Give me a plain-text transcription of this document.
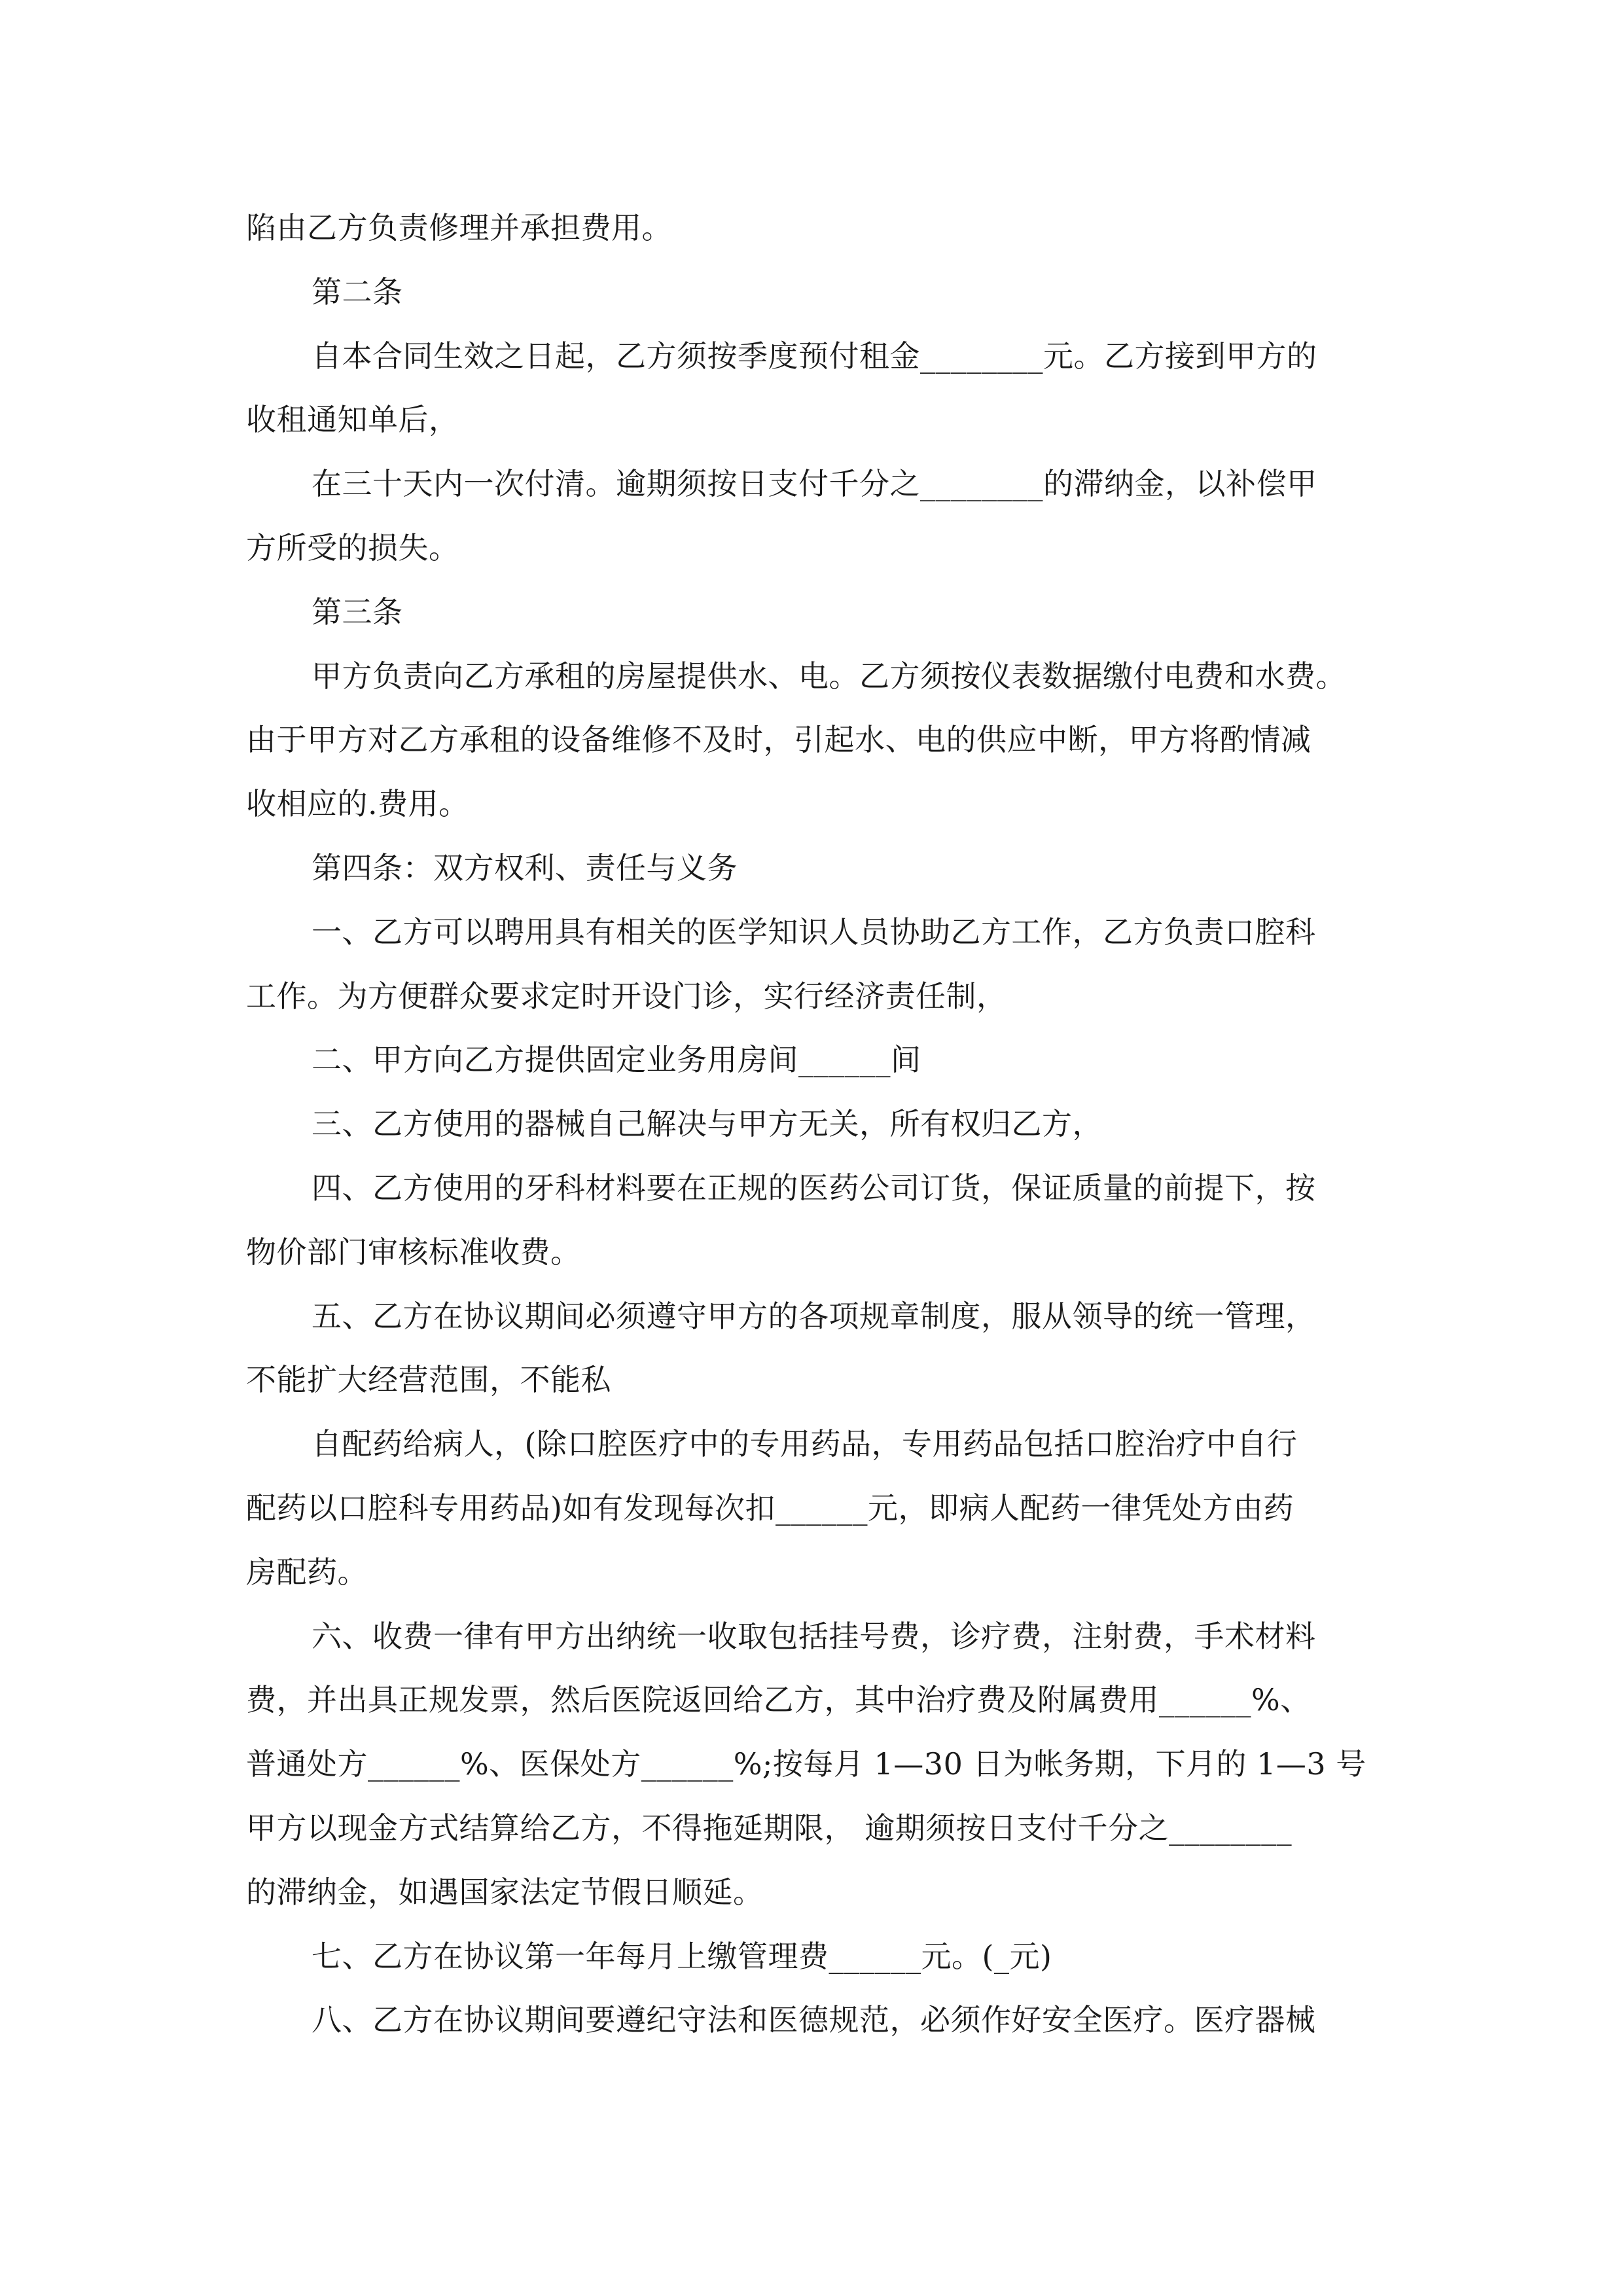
陷由乙方负责修理并承担费用。
第二条
自本合同生效之日起，乙方须按季度预付租金________元。乙方接到甲方的
收租通知单后，
在三十天内一次付清。逾期须按日支付千分之________的滞纳金，以补偿甲
方所受的损失。
第三条
甲方负责向乙方承租的房屋提供水、电。乙方须按仪表数据缴付电费和水费。
由于甲方对乙方承租的设备维修不及时，引起水、电的供应中断，甲方将酌情减
收相应的.费用。
第四条：双方权利、责任与义务
一、乙方可以聘用具有相关的医学知识人员协助乙方工作，乙方负责口腔科
工作。为方便群众要求定时开设门诊，实行经济责任制，
二、甲方向乙方提供固定业务用房间______间
三、乙方使用的器械自己解决与甲方无关，所有权归乙方，
四、乙方使用的牙科材料要在正规的医药公司订货，保证质量的前提下，按
物价部门审核标准收费。
五、乙方在协议期间必须遵守甲方的各项规章制度，服从领导的统一管理，
不能扩大经营范围，不能私
自配药给病人，(除口腔医疗中的专用药品，专用药品包括口腔治疗中自行
配药以口腔科专用药品)如有发现每次扣______元，即病人配药一律凭处方由药
房配药。
六、收费一律有甲方出纳统一收取包括挂号费，诊疗费，注射费，手术材料
费，并出具正规发票，然后医院返回给乙方，其中治疗费及附属费用______%、
普通处方______%、医保处方______%;按每月 1—30 日为帐务期，下月的 1—3 号
甲方以现金方式结算给乙方，不得拖延期限， 逾期须按日支付千分之________
的滞纳金，如遇国家法定节假日顺延。
七、乙方在协议第一年每月上缴管理费______元。(_元)
八、乙方在协议期间要遵纪守法和医德规范，必须作好安全医疗。医疗器械
